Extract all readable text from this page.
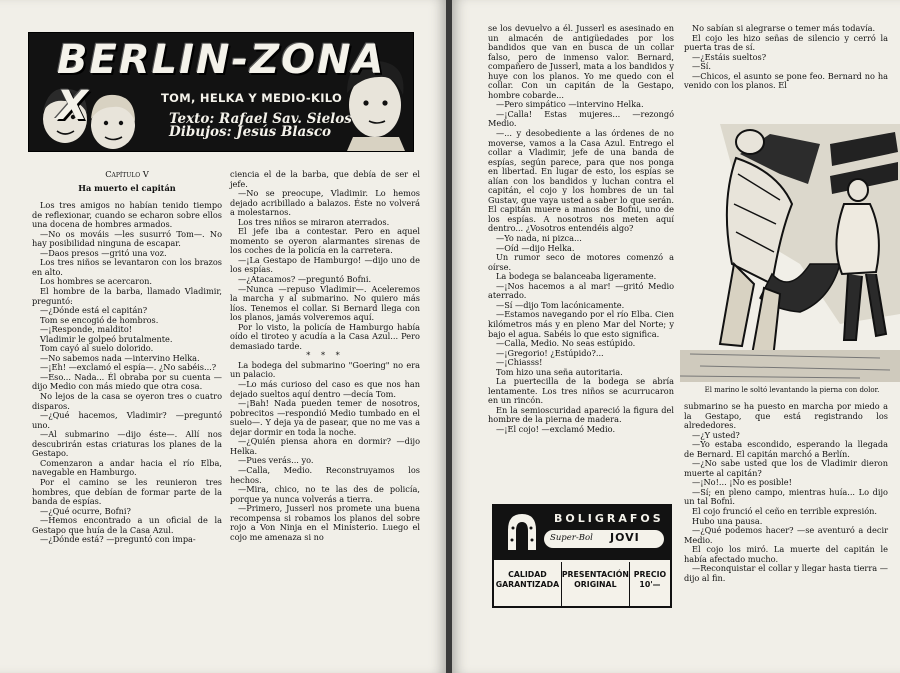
BERLIN-ZONA X	TOM, HELKA Y MEDIO-KILO
Texto: Rafael Sav. Sielos
Dibujos: Jesús Blasco

Capítulo V

Ha muerto el capitán

Los tres amigos no habían tenido tiempo de reflexionar, cuando se echaron sobre ellos una docena de hombres armados.

—No os mováis —les susurró Tom—. No hay posibilidad ninguna de escapar.

—Daos presos —gritó una voz.

Los tres niños se levantaron con los brazos en alto.

Los hombres se acercaron.

El hombre de la barba, llamado Vladimir, preguntó:

—¿Dónde está el capitán?

Tom se encogió de hombros.

—¡Responde, maldito!

Vladimir le golpeó brutalmente.

Tom cayó al suelo dolorido.

—No sabemos nada —intervino Helka.

—¡Eh! —exclamó el espía—. ¿No sabéis...?

—Eso... Nada... Él obraba por su cuenta —dijo Medio con más miedo que otra cosa.

No lejos de la casa se oyeron tres o cuatro disparos.

—¿Qué hacemos, Vladimir? —preguntó uno.

—Al submarino —dijo éste—. Allí nos descubrirán estas criaturas los planes de la Gestapo.

Comenzaron a andar hacia el río Elba, navegable en Hamburgo.

Por el camino se les reunieron tres hombres, que debían de formar parte de la banda de espías.

—¿Qué ocurre, Bofni?

—Hemos encontrado a un oficial de la Gestapo que huía de la Casa Azul.

—¿Dónde está? —preguntó con impa-

ciencia el de la barba, que debía de ser el jefe.

—No se preocupe, Vladimir. Lo hemos dejado acribillado a balazos. Éste no volverá a molestarnos.

Los tres niños se miraron aterrados.

El jefe iba a contestar. Pero en aquel momento se oyeron alarmantes sirenas de los coches de la policía en la carretera.

—¡La Gestapo de Hamburgo! —dijo uno de los espías.

—¿Atacamos? —preguntó Bofni.

—Nunca —repuso Vladimir—. Aceleremos la marcha y al submarino. No quiero más líos. Tenemos el collar. Si Bernard llega con los planos, jamás volveremos aquí.

Por lo visto, la policía de Hamburgo había oído el tiroteo y acudía a la Casa Azul... Pero demasiado tarde.

* * *

La bodega del submarino "Goering" no era un palacio.

—Lo más curioso del caso es que nos han dejado sueltos aquí dentro —decía Tom.

—¡Bah! Nada pueden temer de nosotros, pobrecitos —respondió Medio tumbado en el suelo—. Y deja ya de pasear, que no me vas a dejar dormir en toda la noche.

—¿Quién piensa ahora en dormir? —dijo Helka.

—Pues verás... yo.

—Calla, Medio. Reconstruyamos los hechos.

—Mira, chico, no te las des de policía, porque ya nunca volverás a tierra.

—Primero, Jusserl nos promete una buena recompensa si robamos los planos del sobre rojo a Von Ninja en el Ministerio. Luego el cojo me amenaza si no

se los devuelvo a él. Jusserl es asesinado en un almacén de antigüedades por los bandidos que van en busca de un collar falso, pero de inmenso valor. Bernard, compañero de Jusserl, mata a los bandidos y huye con los planos. Yo me quedo con el collar. Con un capitán de la Gestapo, hombre cobarde...

—Pero simpático —intervino Helka.

—¡Calla! Estas mujeres... —rezongó Medio.

—... y desobediente a las órdenes de no moverse, vamos a la Casa Azul. Entrego el collar a Vladimir, jefe de una banda de espías, según parece, para que nos ponga en libertad. En lugar de esto, los espías se alían con los bandidos y luchan contra el capitán, el cojo y los hombres de un tal Gustav, que vaya usted a saber lo que serán. El capitán muere a manos de Bofni, uno de los espías. A nosotros nos meten aquí dentro... ¿Vosotros entendéis algo?

—Yo nada, ni pizca...

—Oíd —dijo Helka.

Un rumor seco de motores comenzó a oírse.

La bodega se balanceaba ligeramente.

—¡Nos hacemos a al mar! —gritó Medio aterrado.

—Sí —dijo Tom lacónicamente.

—Estamos navegando por el río Elba. Cien kilómetros más y en pleno Mar del Norte; y bajo el agua. Sabéis lo que esto significa.

—Calla, Medio. No seas estúpido.

—¡Gregorio! ¿Estúpido?...

—¡Chiasss!

Tom hizo una seña autoritaria.

La puertecilla de la bodega se abría lentamente. Los tres niños se acurrucaron en un rincón.

En la semioscuridad apareció la figura del hombre de la pierna de madera.

—¡El cojo! —exclamó Medio.

No sabían si alegrarse o temer más todavía.

El cojo les hizo señas de silencio y cerró la puerta tras de sí.

—¿Estáis sueltos?

—Sí.

—Chicos, el asunto se pone feo. Bernard no ha venido con los planos. El

El marino le soltó levantando la pierna con dolor.

submarino se ha puesto en marcha por miedo a la Gestapo, que está registrando los alrededores.

—¿Y usted?

—Yo estaba escondido, esperando la llegada de Bernard. El capitán marchó a Berlín.

—¿No sabe usted que los de Vladimir dieron muerte al capitán?

—¡No!... ¡No es posible!

—Sí; en pleno campo, mientras huía... Lo dijo un tal Bofni.

El cojo frunció el ceño en terrible expresión.

Hubo una pausa.

—¿Qué podemos hacer? —se aventuró a decir Medio.

El cojo los miró. La muerte del capitán le había afectado mucho.

—Reconquistar el collar y llegar hasta tierra —dijo al fin.

BOLIGRAFOS
Super-Bol JOVI
CALIDAD GARANTIZADA
PRESENTACIÓN ORIGINAL
PRECIO 10'—
